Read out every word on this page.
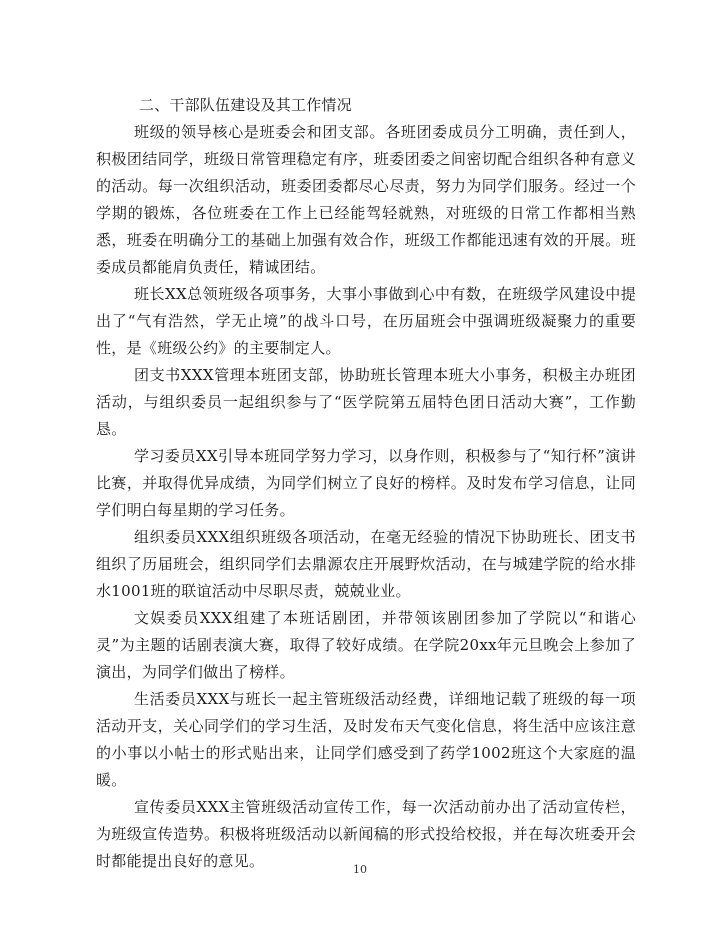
二、干部队伍建设及其工作情况

班级的领导核心是班委会和团支部。各班团委成员分工明确，责任到人，积极团结同学，班级日常管理稳定有序，班委团委之间密切配合组织各种有意义的活动。每一次组织活动，班委团委都尽心尽责，努力为同学们服务。经过一个学期的锻炼，各位班委在工作上已经能驾轻就熟，对班级的日常工作都相当熟悉，班委在明确分工的基础上加强有效合作，班级工作都能迅速有效的开展。班委成员都能肩负责任，精诚团结。

班长XX总领班级各项事务，大事小事做到心中有数，在班级学风建设中提出了“气有浩然，学无止境”的战斗口号，在历届班会中强调班级凝聚力的重要性，是《班级公约》的主要制定人。

团支书XXX管理本班团支部，协助班长管理本班大小事务，积极主办班团活动，与组织委员一起组织参与了“医学院第五届特色团日活动大赛”，工作勤恳。

学习委员XX引导本班同学努力学习，以身作则，积极参与了“知行杯”演讲比赛，并取得优异成绩，为同学们树立了良好的榜样。及时发布学习信息，让同学们明白每星期的学习任务。

组织委员XXX组织班级各项活动，在毫无经验的情况下协助班长、团支书组织了历届班会，组织同学们去鼎源农庄开展野炊活动，在与城建学院的给水排水1001班的联谊活动中尽职尽责，兢兢业业。

文娱委员XXX组建了本班话剧团，并带领该剧团参加了学院以“和谐心灵”为主题的话剧表演大赛，取得了较好成绩。在学院20xx年元旦晚会上参加了演出，为同学们做出了榜样。

生活委员XXX与班长一起主管班级活动经费，详细地记载了班级的每一项活动开支，关心同学们的学习生活，及时发布天气变化信息，将生活中应该注意的小事以小帖士的形式贴出来，让同学们感受到了药学1002班这个大家庭的温暖。

宣传委员XXX主管班级活动宣传工作，每一次活动前办出了活动宣传栏，为班级宣传造势。积极将班级活动以新闻稿的形式投给校报，并在每次班委开会时都能提出良好的意见。	10
